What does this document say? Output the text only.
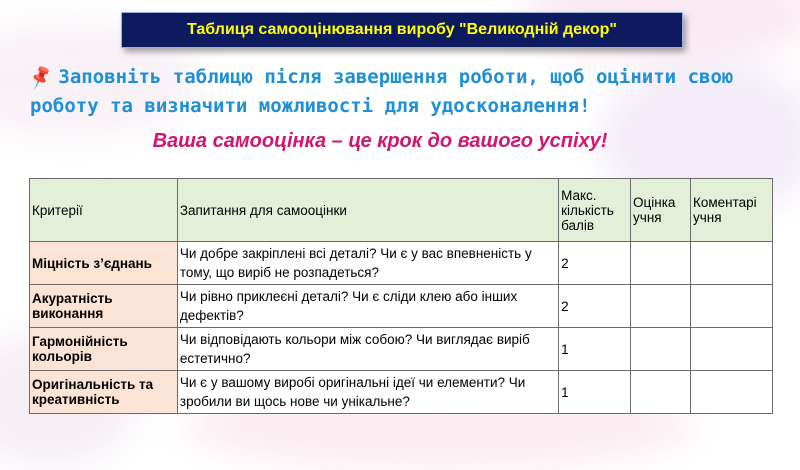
Таблиця самооцінювання виробу "Великодній декор"
📌 Заповніть таблицю після завершення роботи, щоб оцінити свою роботу та визначити можливості для удосконалення!
Ваша самооцінка – це крок до вашого успіху!
Критерії	Запитання для самооцінки	Макс. кількість балів	Оцінка учня	Коментарі учня
Міцність з’єднань	Чи добре закріплені всі деталі? Чи є у вас впевненість у тому, що виріб не розпадеться?	2		
Акуратність виконання	Чи рівно приклеєні деталі? Чи є сліди клею або інших дефектів?	2		
Гармонійність кольорів	Чи відповідають кольори між собою? Чи виглядає виріб естетично?	1		
Оригінальність та креативність	Чи є у вашому виробі оригінальні ідеї чи елементи? Чи зробили ви щось нове чи унікальне?	1		
